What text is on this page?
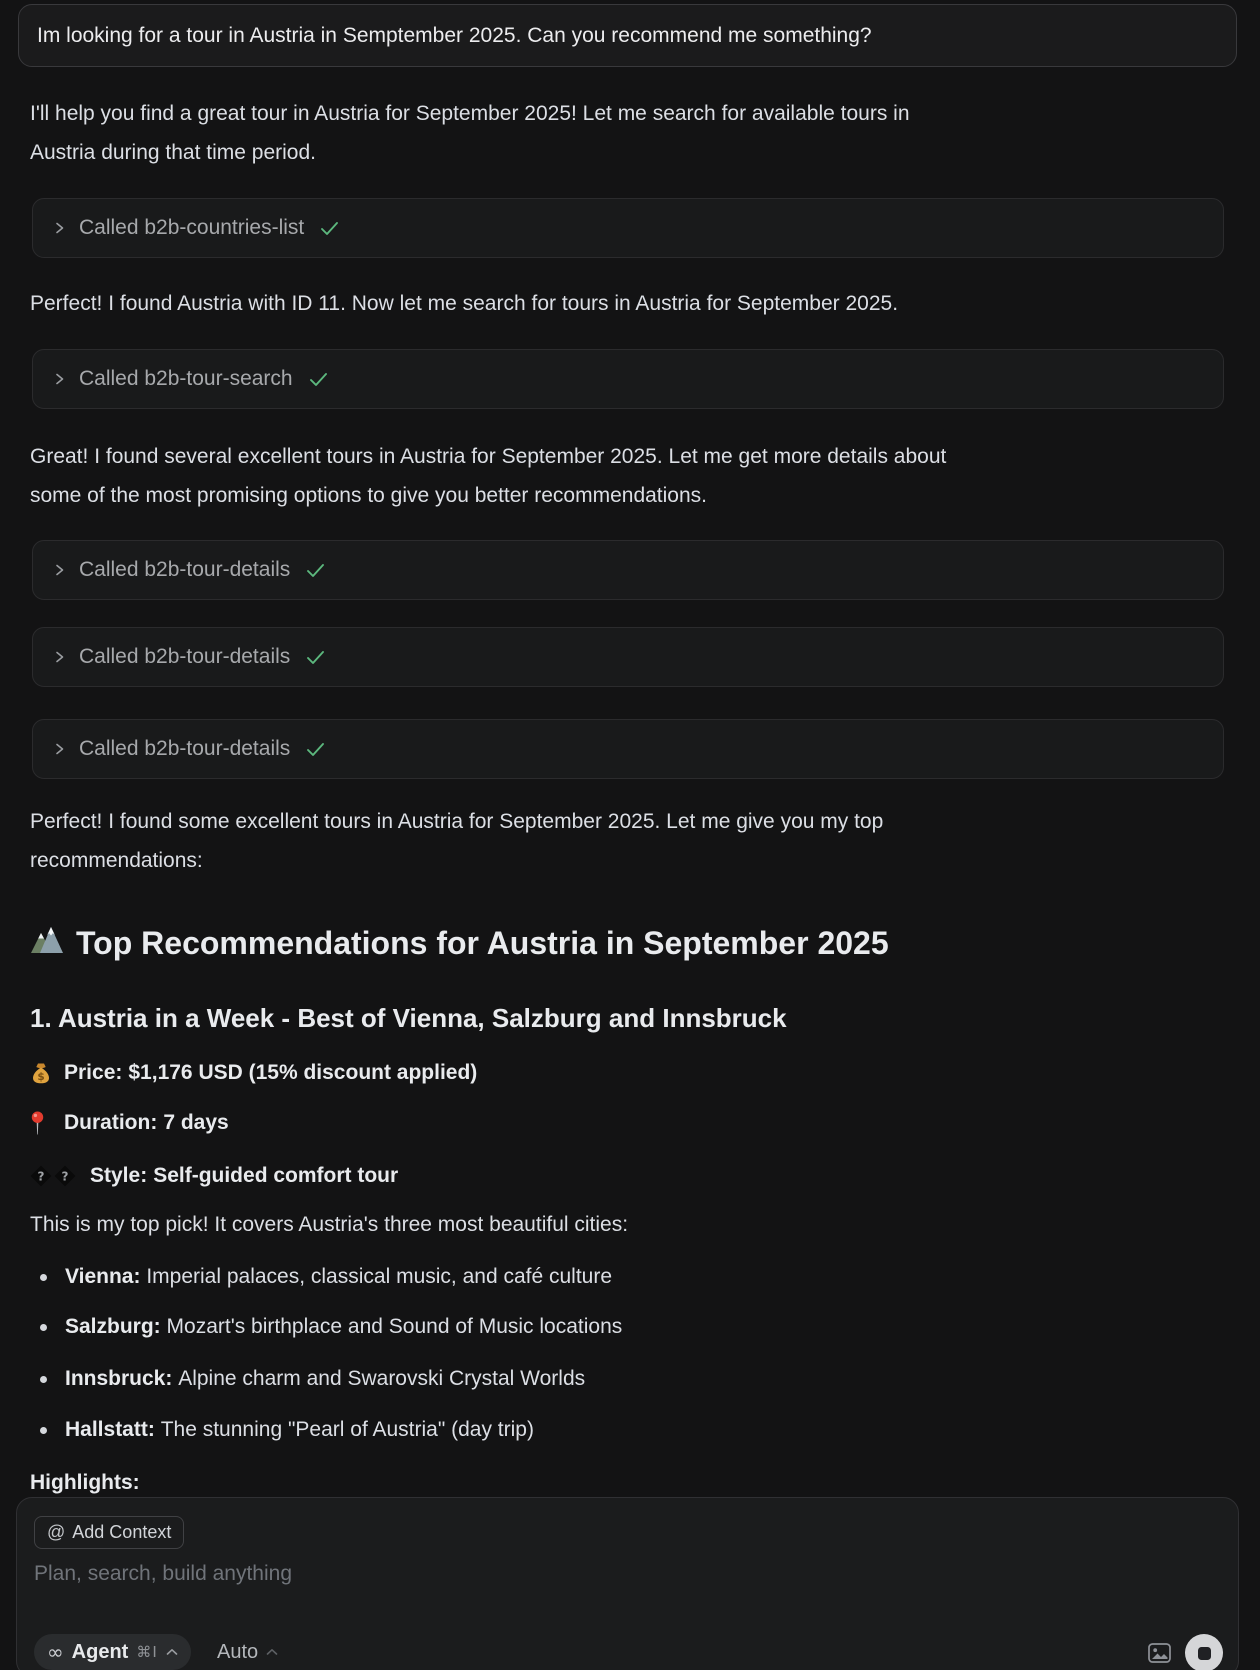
Im looking for a tour in Austria in Semptember 2025. Can you recommend me something?
I'll help you find a great tour in Austria for September 2025! Let me search for available tours in
Austria during that time period.
Called b2b-countries-list
Perfect! I found Austria with ID 11. Now let me search for tours in Austria for September 2025.
Called b2b-tour-search
Great! I found several excellent tours in Austria for September 2025. Let me get more details about
some of the most promising options to give you better recommendations.
Called b2b-tour-details
Called b2b-tour-details
Called b2b-tour-details
Perfect! I found some excellent tours in Austria for September 2025. Let me give you my top
recommendations:
Top Recommendations for Austria in September 2025
1. Austria in a Week - Best of Vienna, Salzburg and Innsbruck
$ Price: $1,176 USD (15% discount applied)
Duration: 7 days
? ? Style: Self-guided comfort tour
This is my top pick! It covers Austria's three most beautiful cities:
Vienna: Imperial palaces, classical music, and café culture
Salzburg: Mozart's birthplace and Sound of Music locations
Innsbruck: Alpine charm and Swarovski Crystal Worlds
Hallstatt: The stunning "Pearl of Austria" (day trip)
Highlights:
@ Add Context
Plan, search, build anything
∞ Agent ⌘I	Auto
